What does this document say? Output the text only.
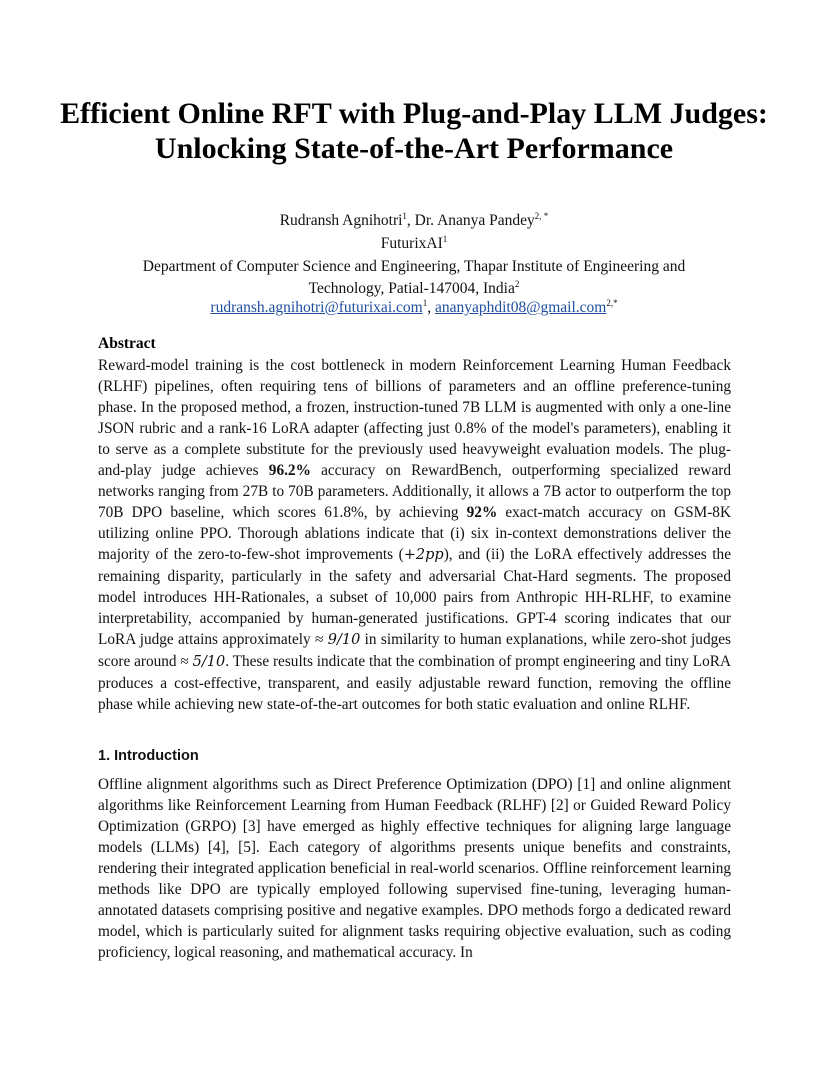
Efficient Online RFT with Plug-and-Play LLM Judges: Unlocking State-of-the-Art Performance
Rudransh Agnihotri$^1$, Dr. Ananya Pandey$^{2, *}$
FuturixAI$^1$
Department of Computer Science and Engineering, Thapar Institute of Engineering and
Technology, Patial-147004, India$^2$
rudransh.agnihotri@futurixai.com$^1$, ananyaphdit08@gmail.com$^{2,*}$
Abstract

Reward-model training is the cost bottleneck in modern Reinforcement Learning Human Feedback (RLHF) pipelines, often requiring tens of billions of parameters and an offline preference-tuning phase. In the proposed method, a frozen, instruction-tuned 7B LLM is augmented with only a one-line JSON rubric and a rank-16 LoRA adapter (affecting just 0.8% of the model's parameters), enabling it to serve as a complete substitute for the previously used heavyweight evaluation models. The plug-and-play judge achieves 96.2% accuracy on RewardBench, outperforming specialized reward networks ranging from 27B to 70B parameters. Additionally, it allows a 7B actor to outperform the top 70B DPO baseline, which scores 61.8%, by achieving 92% exact-match accuracy on GSM-8K utilizing online PPO. Thorough ablations indicate that (i) six in-context demonstrations deliver the majority of the zero-to-few-shot improvements (+2pp), and (ii) the LoRA effectively addresses the remaining disparity, particularly in the safety and adversarial Chat-Hard segments. The proposed model introduces HH-Rationales, a subset of 10,000 pairs from Anthropic HH-RLHF, to examine interpretability, accompanied by human-generated justifications. GPT-4 scoring indicates that our LoRA judge attains approximately ≈ 9/10 in similarity to human explanations, while zero-shot judges score around ≈ 5/10. These results indicate that the combination of prompt engineering and tiny LoRA produces a cost-effective, transparent, and easily adjustable reward function, removing the offline phase while achieving new state-of-the-art outcomes for both static evaluation and online RLHF.

1. Introduction

Offline alignment algorithms such as Direct Preference Optimization (DPO) [1] and online alignment algorithms like Reinforcement Learning from Human Feedback (RLHF) [2] or Guided Reward Policy Optimization (GRPO) [3] have emerged as highly effective techniques for aligning large language models (LLMs) [4], [5]. Each category of algorithms presents unique benefits and constraints, rendering their integrated application beneficial in real-world scenarios. Offline reinforcement learning methods like DPO are typically employed following supervised fine-tuning, leveraging human-annotated datasets comprising positive and negative examples. DPO methods forgo a dedicated reward model, which is particularly suited for alignment tasks requiring objective evaluation, such as coding proficiency, logical reasoning, and mathematical accuracy. In
